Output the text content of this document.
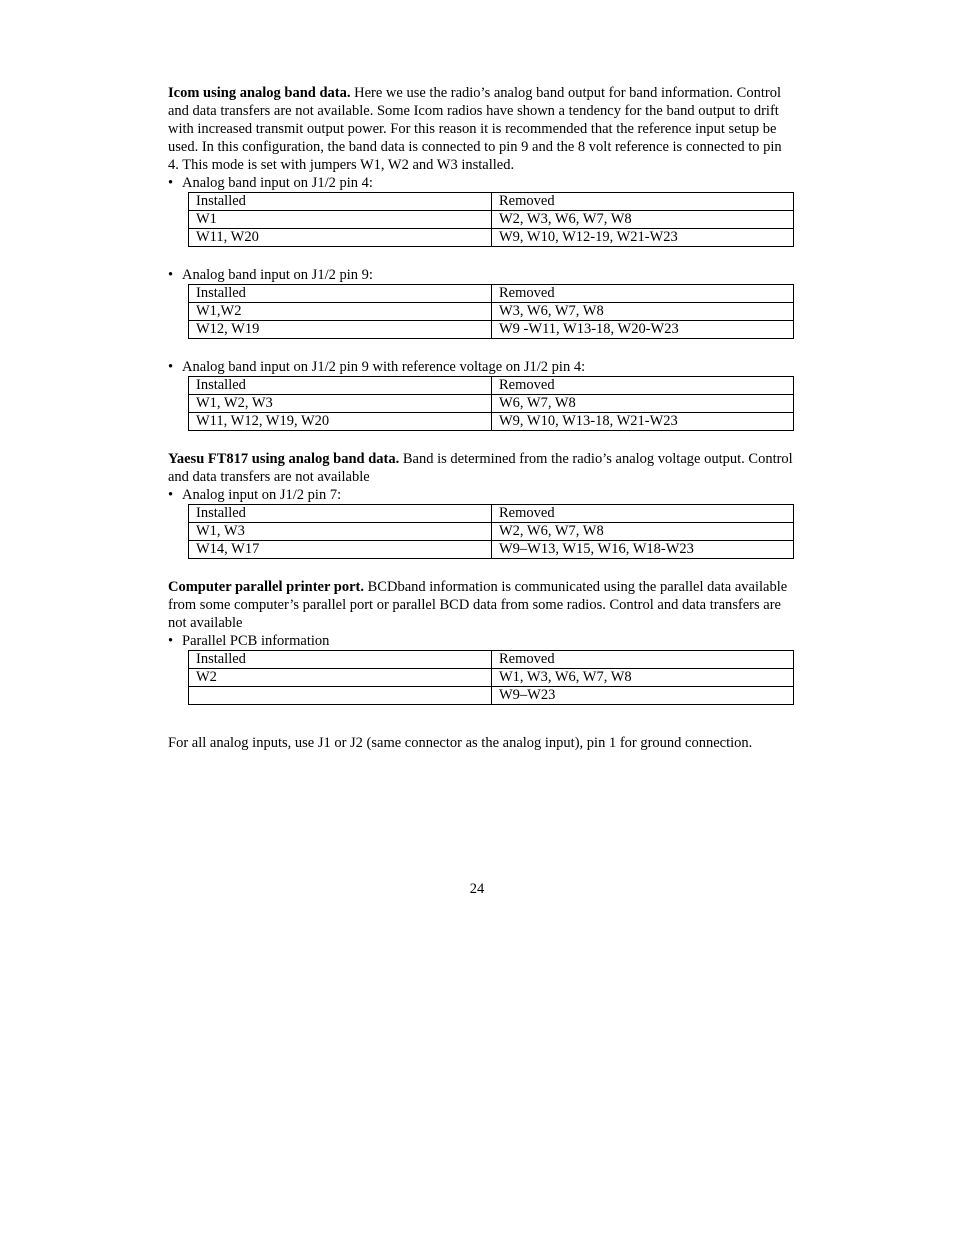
Icom using analog band data. Here we use the radio’s analog band output for band information. Control and data transfers are not available. Some Icom radios have shown a tendency for the band output to drift with increased transmit output power. For this reason it is recommended that the reference input setup be used. In this configuration, the band data is connected to pin 9 and the 8 volt reference is connected to pin 4. This mode is set with jumpers W1, W2 and W3 installed.

• Analog band input on J1/2 pin 4:
Installed	Removed
W1	W2, W3, W6, W7, W8
W11, W20	W9, W10, W12-19, W21-W23
• Analog band input on J1/2 pin 9:
Installed	Removed
W1,W2	W3, W6, W7, W8
W12, W19	W9 -W11, W13-18, W20-W23
• Analog band input on J1/2 pin 9 with reference voltage on J1/2 pin 4:
Installed	Removed
W1, W2, W3	W6, W7, W8
W11, W12, W19, W20	W9, W10, W13-18, W21-W23

Yaesu FT817 using analog band data. Band is determined from the radio’s analog voltage output. Control and data transfers are not available

• Analog input on J1/2 pin 7:
Installed	Removed
W1, W3	W2, W6, W7, W8
W14, W17	W9–W13, W15, W16, W18-W23

Computer parallel printer port. BCDband information is communicated using the parallel data available from some computer’s parallel port or parallel BCD data from some radios. Control and data transfers are not available

• Parallel PCB information
Installed	Removed
W2	W1, W3, W6, W7, W8
	W9–W23

For all analog inputs, use J1 or J2 (same connector as the analog input), pin 1 for ground connection.

24
